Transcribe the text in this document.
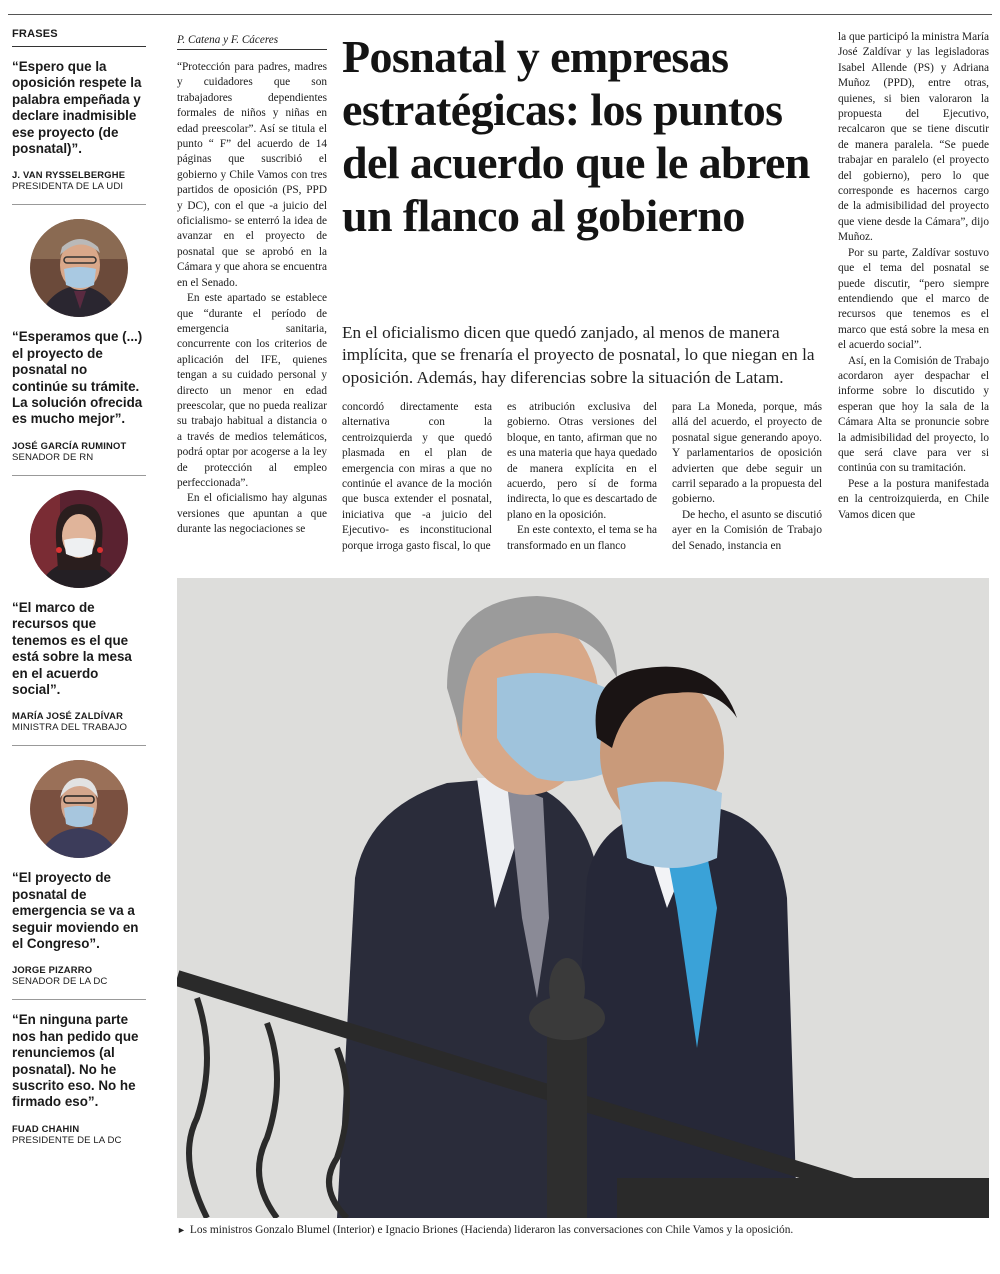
FRASES
“Espero que la oposición respete la palabra empeñada y declare inadmisible ese proyecto (de posnatal)”.
J. VAN RYSSELBERGHE
PRESIDENTA DE LA UDI
“Esperamos que (...) el proyecto de posnatal no continúe su trámite. La solución ofrecida es mucho mejor”.
JOSÉ GARCÍA RUMINOT
SENADOR DE RN
“El marco de recursos que tenemos es el que está sobre la mesa en el acuerdo social”.
MARÍA JOSÉ ZALDÍVAR
MINISTRA DEL TRABAJO
“El proyecto de posnatal de emergencia se va a seguir moviendo en el Congreso”.
JORGE PIZARRO
SENADOR DE LA DC
“En ninguna parte nos han pedido que renunciemos (al posnatal). No he suscrito eso. No he firmado eso”.
FUAD CHAHIN
PRESIDENTE DE LA DC
P. Catena y F. Cáceres

“Protección para padres, madres y cuidadores que son trabajadores dependientes formales de niños y niñas en edad preescolar”. Así se titula el punto “ F” del acuerdo de 14 páginas que suscribió el gobierno y Chile Vamos con tres partidos de oposición (PS, PPD y DC), con el que -a juicio del oficialismo- se enterró la idea de avanzar en el proyecto de posnatal que se aprobó en la Cámara y que ahora se encuentra en el Senado.

En este apartado se establece que “durante el período de emergencia sanitaria, concurrente con los criterios de aplicación del IFE, quienes tengan a su cuidado personal y directo un menor en edad preescolar, que no pueda realizar su trabajo habitual a distancia o a través de medios telemáticos, podrá optar por acogerse a la ley de protección al empleo perfeccionada”.

En el oficialismo hay algunas versiones que apuntan a que durante las negociaciones se

Posnatal y empresas estratégicas: los puntos del acuerdo que le abren un flanco al gobierno
En el oficialismo dicen que quedó zanjado, al menos de manera implícita, que se frenaría el proyecto de posnatal, lo que niegan en la oposición. Además, hay diferencias sobre la situación de Latam.

concordó directamente esta alternativa con la centroizquierda y que quedó plasmada en el plan de emergencia con miras a que no continúe el avance de la moción que busca extender el posnatal, iniciativa que -a juicio del Ejecutivo- es inconstitucional porque irroga gasto fiscal, lo que

es atribución exclusiva del gobierno. Otras versiones del bloque, en tanto, afirman que no es una materia que haya quedado de manera explícita en el acuerdo, pero sí de forma indirecta, lo que es descartado de plano en la oposición.

En este contexto, el tema se ha transformado en un flanco

para La Moneda, porque, más allá del acuerdo, el proyecto de posnatal sigue generando apoyo. Y parlamentarios de oposición advierten que debe seguir un carril separado a la propuesta del gobierno.

De hecho, el asunto se discutió ayer en la Comisión de Trabajo del Senado, instancia en

la que participó la ministra María José Zaldívar y las legisladoras Isabel Allende (PS) y Adriana Muñoz (PPD), entre otras, quienes, si bien valoraron la propuesta del Ejecutivo, recalcaron que se tiene discutir de manera paralela. “Se puede trabajar en paralelo (el proyecto del gobierno), pero lo que corresponde es hacernos cargo de la admisibilidad del proyecto que viene desde la Cámara”, dijo Muñoz.

Por su parte, Zaldívar sostuvo que el tema del posnatal se puede discutir, “pero siempre entendiendo que el marco de recursos que tenemos es el marco que está sobre la mesa en el acuerdo social”.

Así, en la Comisión de Trabajo acordaron ayer despachar el informe sobre lo discutido y esperan que hoy la sala de la Cámara Alta se pronuncie sobre la admisibilidad del proyecto, lo que será clave para ver si continúa con su tramitación.

Pese a la postura manifestada en la centroizquierda, en Chile Vamos dicen que

► Los ministros Gonzalo Blumel (Interior) e Ignacio Briones (Hacienda) lideraron las conversaciones con Chile Vamos y la oposición.
